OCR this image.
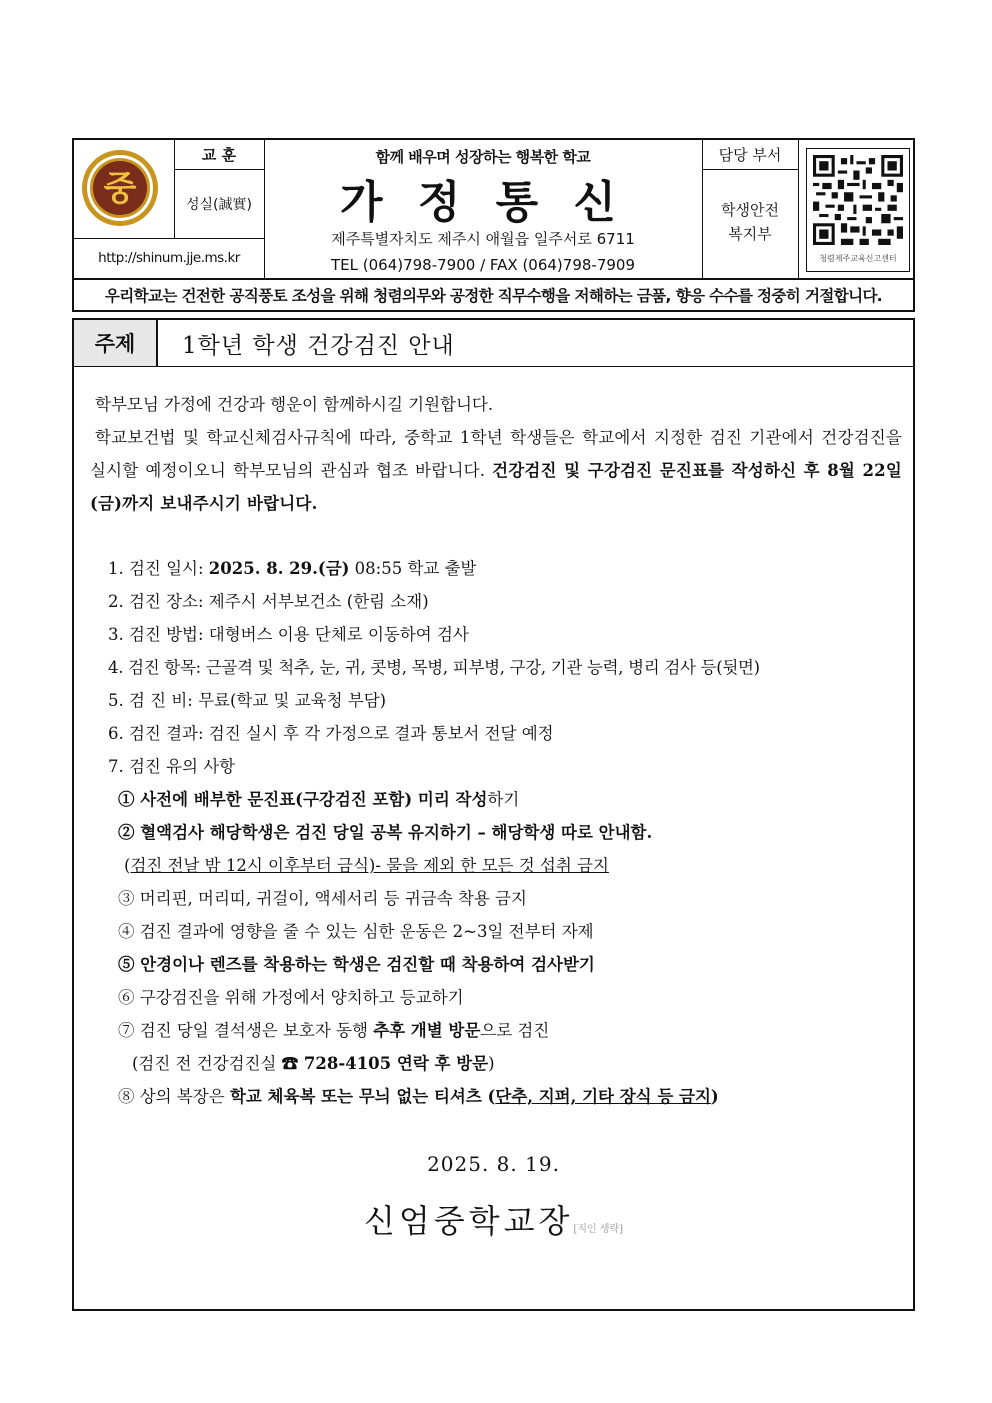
중
교 훈
성실(誠實)
http://shinum.jje.ms.kr
함께 배우며 성장하는 행복한 학교
가 정 통 신
제주특별자치도 제주시 애월읍 일주서로 6711
TEL (064)798-7900 / FAX (064)798-7909
담당 부서
학생안전
복지부
청렴제주교육신고센터
우리학교는 건전한 공직풍토 조성을 위해 청렴의무와 공정한 직무수행을 저해하는 금품, 향응 수수를 정중히 거절합니다.
주제	1학년 학생 건강검진 안내
학부모님 가정에 건강과 행운이 함께하시길 기원합니다.
학교보건법 및 학교신체검사규칙에 따라, 중학교 1학년 학생들은 학교에서 지정한 검진 기관에서 건강검진을 실시할 예정이오니 학부모님의 관심과 협조 바랍니다. 건강검진 및 구강검진 문진표를 작성하신 후 8월 22일(금)까지 보내주시기 바랍니다.
1. 검진 일시: 2025. 8. 29.(금) 08:55 학교 출발
2. 검진 장소: 제주시 서부보건소 (한림 소재)
3. 검진 방법: 대형버스 이용 단체로 이동하여 검사
4. 검진 항목: 근골격 및 척추, 눈, 귀, 콧병, 목병, 피부병, 구강, 기관 능력, 병리 검사 등(뒷면)
5. 검 진 비: 무료(학교 및 교육청 부담)
6. 검진 결과: 검진 실시 후 각 가정으로 결과 통보서 전달 예정
7. 검진 유의 사항
① 사전에 배부한 문진표(구강검진 포함) 미리 작성하기
② 혈액검사 해당학생은 검진 당일 공복 유지하기 – 해당학생 따로 안내함.
(검진 전날 밤 12시 이후부터 금식)- 물을 제외 한 모든 것 섭취 금지
③ 머리핀, 머리띠, 귀걸이, 액세서리 등 귀금속 착용 금지
④ 검진 결과에 영향을 줄 수 있는 심한 운동은 2~3일 전부터 자제
⑤ 안경이나 렌즈를 착용하는 학생은 검진할 때 착용하여 검사받기
⑥ 구강검진을 위해 가정에서 양치하고 등교하기
⑦ 검진 당일 결석생은 보호자 동행 추후 개별 방문으로 검진
(검진 전 건강검진실 ☎ 728-4105 연락 후 방문)
⑧ 상의 복장은 학교 체육복 또는 무늬 없는 티셔츠 (단추, 지퍼, 기타 장식 등 금지)
2025. 8. 19.
신엄중학교장[직인 생략]
